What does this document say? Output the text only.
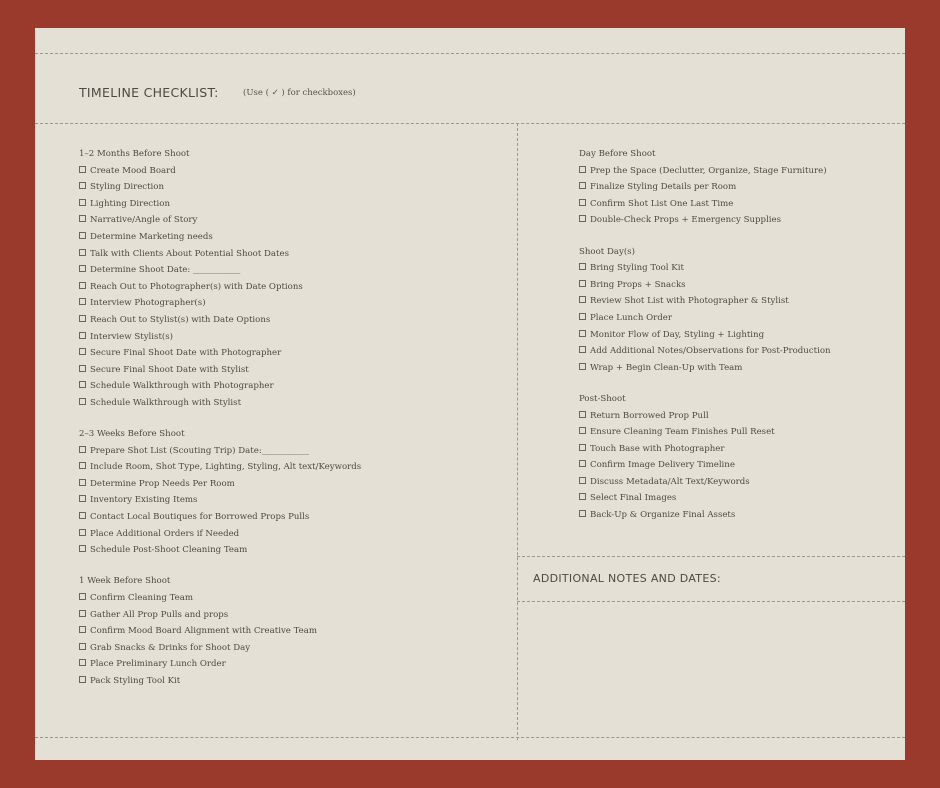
TIMELINE CHECKLIST:	(Use ( ✓ ) for checkboxes)
1–2 Months Before Shoot
Create Mood Board
Styling Direction
Lighting Direction
Narrative/Angle of Story
Determine Marketing needs
Talk with Clients About Potential Shoot Dates
Determine Shoot Date: ___________
Reach Out to Photographer(s) with Date Options
Interview Photographer(s)
Reach Out to Stylist(s) with Date Options
Interview Stylist(s)
Secure Final Shoot Date with Photographer
Secure Final Shoot Date with Stylist
Schedule Walkthrough with Photographer
Schedule Walkthrough with Stylist
2–3 Weeks Before Shoot
Prepare Shot List (Scouting Trip) Date:___________
Include Room, Shot Type, Lighting, Styling, Alt text/Keywords
Determine Prop Needs Per Room
Inventory Existing Items
Contact Local Boutiques for Borrowed Props Pulls
Place Additional Orders if Needed
Schedule Post-Shoot Cleaning Team
1 Week Before Shoot
Confirm Cleaning Team
Gather All Prop Pulls and props
Confirm Mood Board Alignment with Creative Team
Grab Snacks & Drinks for Shoot Day
Place Preliminary Lunch Order
Pack Styling Tool Kit
Day Before Shoot
Prep the Space (Declutter, Organize, Stage Furniture)
Finalize Styling Details per Room
Confirm Shot List One Last Time
Double-Check Props + Emergency Supplies
Shoot Day(s)
Bring Styling Tool Kit
Bring Props + Snacks
Review Shot List with Photographer & Stylist
Place Lunch Order
Monitor Flow of Day, Styling + Lighting
Add Additional Notes/Observations for Post-Production
Wrap + Begin Clean-Up with Team
Post-Shoot
Return Borrowed Prop Pull
Ensure Cleaning Team Finishes Pull Reset
Touch Base with Photographer
Confirm Image Delivery Timeline
Discuss Metadata/Alt Text/Keywords
Select Final Images
Back-Up & Organize Final Assets
ADDITIONAL NOTES AND DATES:
